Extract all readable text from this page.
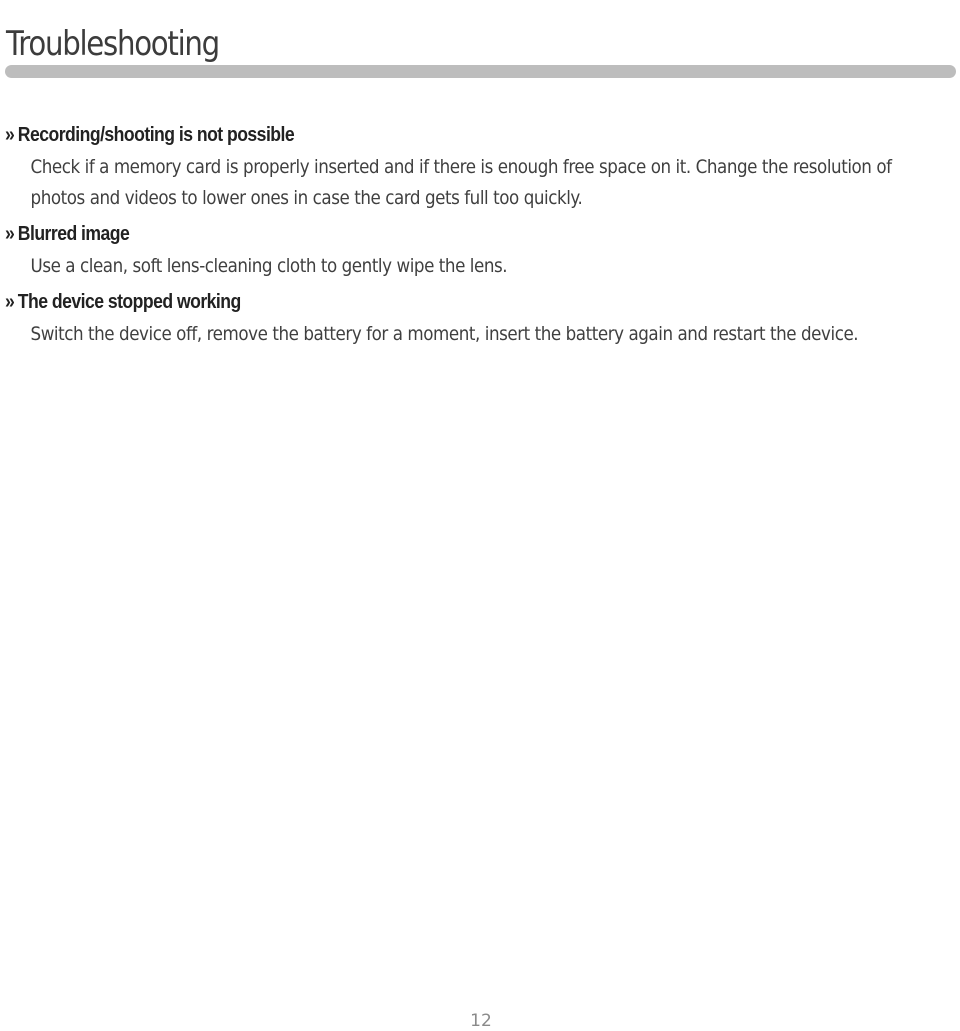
Troubleshooting
» Recording/shooting is not possible
Check if a memory card is properly inserted and if there is enough free space on it. Change the resolution of photos and videos to lower ones in case the card gets full too quickly.
» Blurred image
Use a clean, soft lens-cleaning cloth to gently wipe the lens.
» The device stopped working
Switch the device off, remove the battery for a moment, insert the battery again and restart the device.
12
